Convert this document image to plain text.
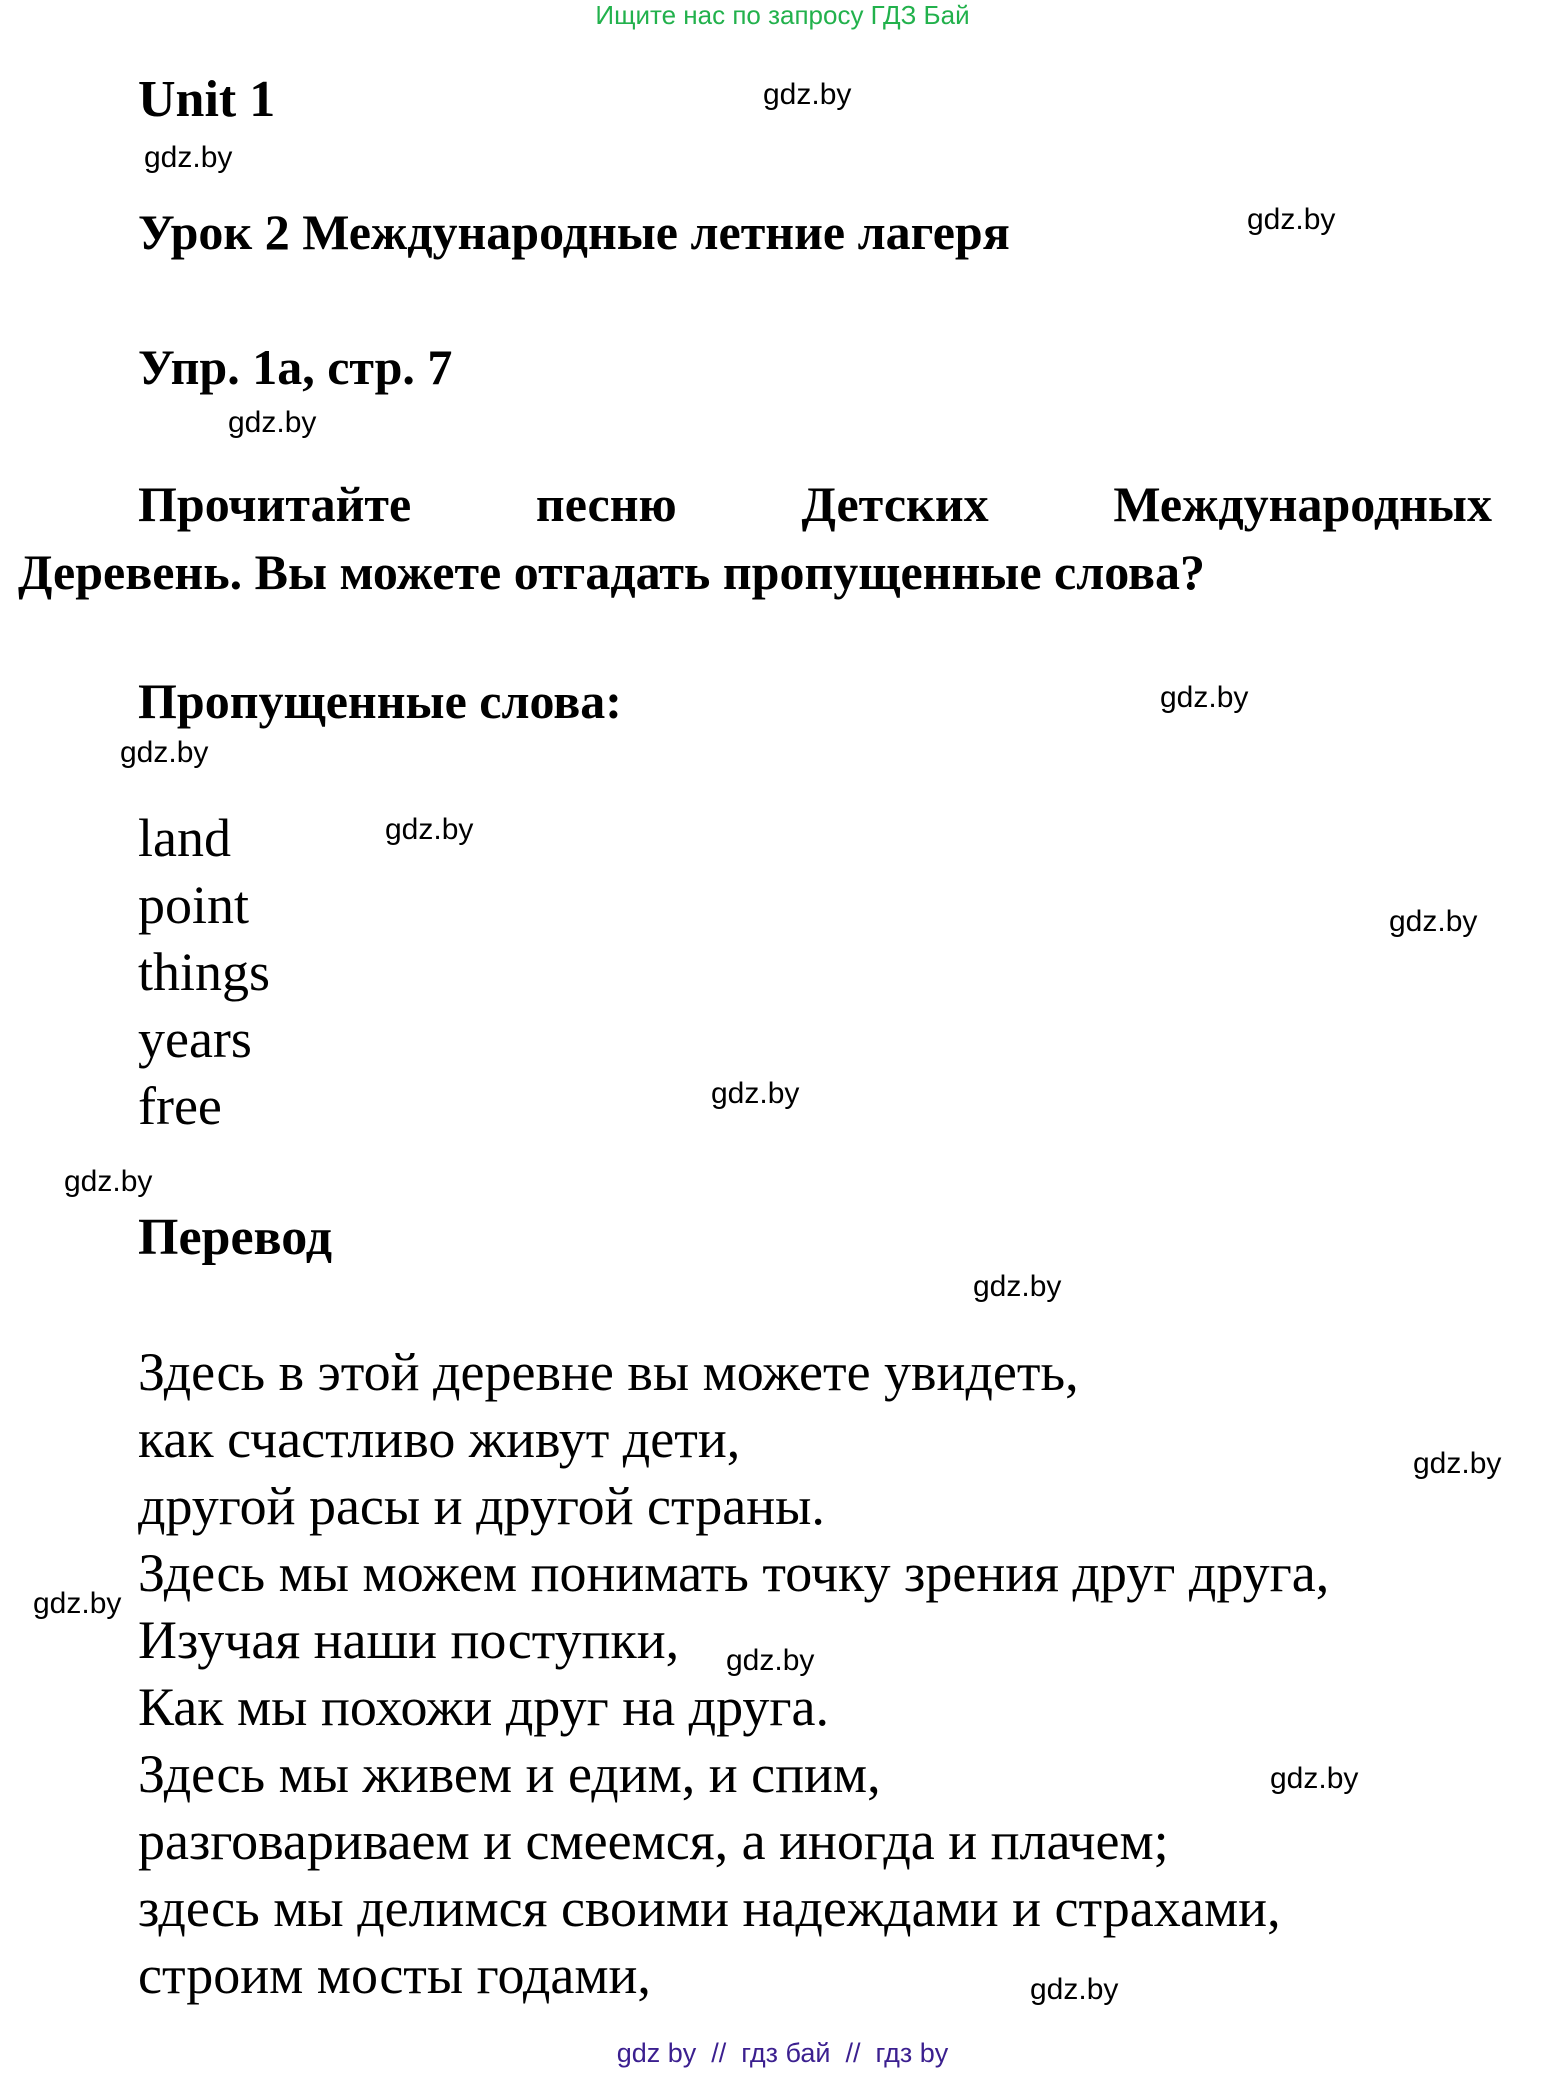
Ищите нас по запросу ГДЗ Бай
Unit 1
Урок 2 Международные летние лагеря
Упр. 1a, стр. 7
Прочитайте песню Детских Международных
Деревень. Вы можете отгадать пропущенные слова?
Пропущенные слова:
land
point
things
years
free
Перевод
Здесь в этой деревне вы можете увидеть,
как счастливо живут дети,
другой расы и другой страны.
Здесь мы можем понимать точку зрения друг друга,
Изучая наши поступки,
Как мы похожи друг на друга.
Здесь мы живем и едим, и спим,
разговариваем и смеемся, а иногда и плачем;
здесь мы делимся своими надеждами и страхами,
строим мосты годами,
gdz.by
gdz.by
gdz.by
gdz.by
gdz.by
gdz.by
gdz.by
gdz.by
gdz.by
gdz.by
gdz.by
gdz.by
gdz.by
gdz.by
gdz.by
gdz.by
gdz by  //  гдз бай  //  гдз by
